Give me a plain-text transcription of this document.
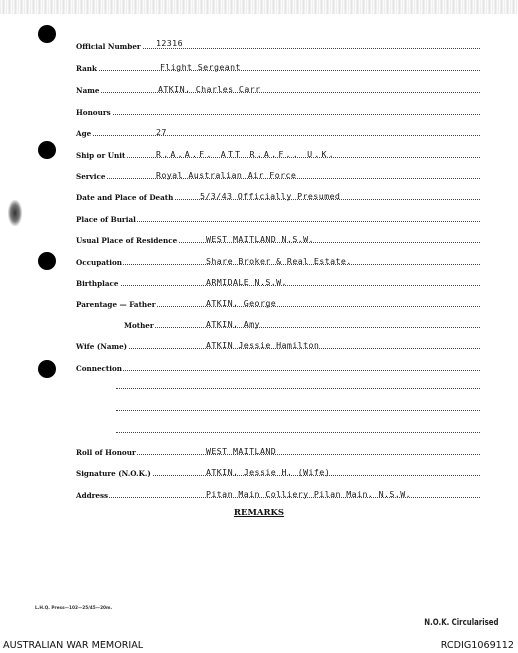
Official Number 12316
Rank	Flight Sergeant
Name	ATKIN, Charles Carr
Honours
Age	27
Ship or Unit	R.A.A.F. ATT R.A.F.. U.K.
Service	Royal Australian Air Force
Date and Place of Death	5/3/43 Officially Presumed
Place of Burial
Usual Place of Residence	WEST MAITLAND N.S.W.
Occupation	Share Broker & Real Estate.
Birthplace	ARMIDALE N.S.W.
Parentage — Father	ATKIN, George
Mother	ATKIN, Amy
Wife (Name)	ATKIN Jessie Hamilton
Connection
Roll of Honour	WEST MAITLAND
Signature (N.O.K.)	ATKIN, Jessie H. (Wife)
Address	Pitan Main Colliery Pilan Main. N.S.W.
REMARKS
L.H.Q. Press—102—25/45—20m.
N.O.K. Circularised
AUSTRALIAN WAR MEMORIAL	RCDIG1069112
